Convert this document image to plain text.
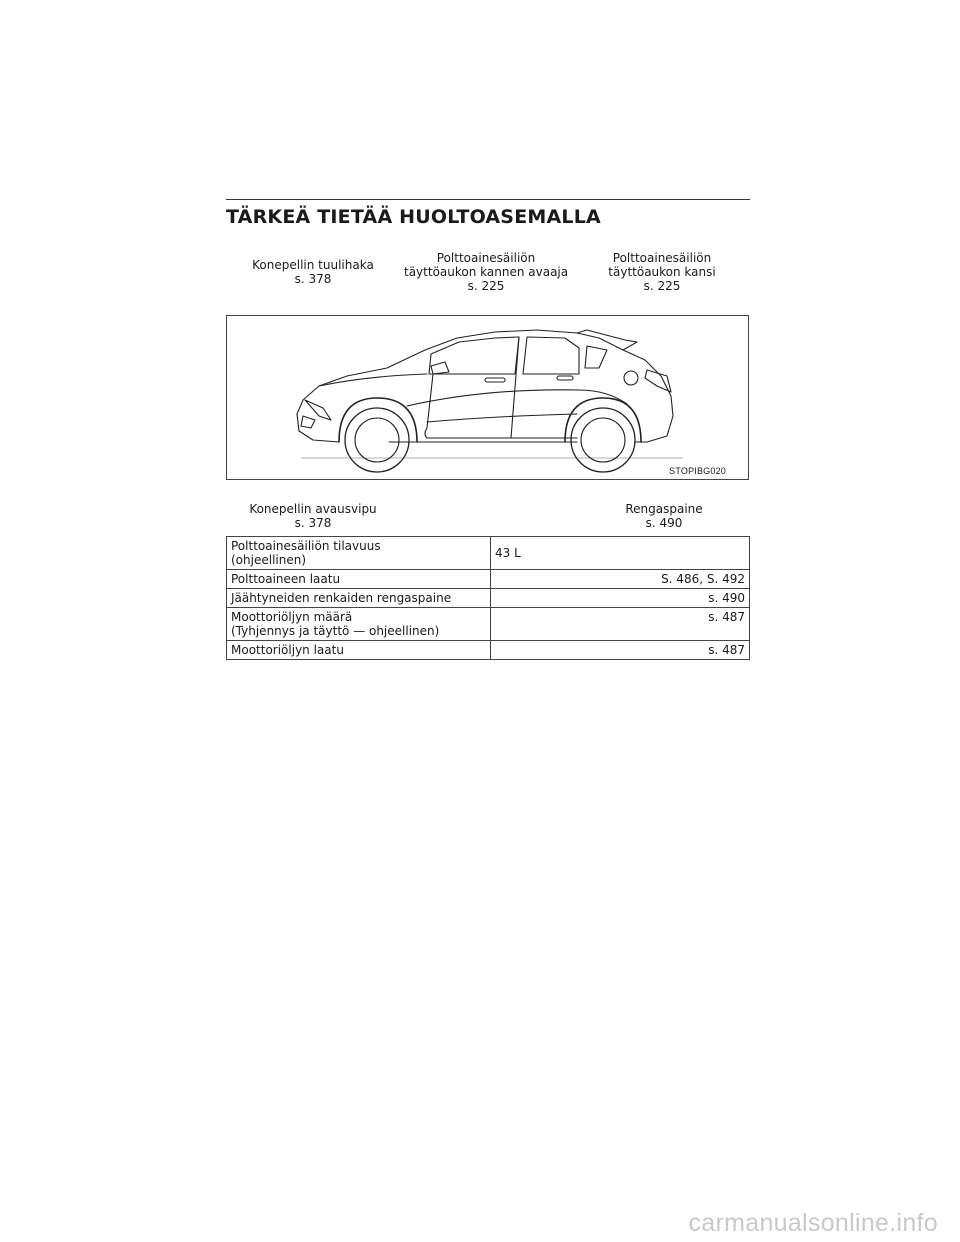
TÄRKEÄ TIETÄÄ HUOLTOASEMALLA
Konepellin tuulihaka
s. 378
Polttoainesäiliön
täyttöaukon kannen avaaja
s. 225
Polttoainesäiliön
täyttöaukon kansi
s. 225
STOPIBG020
Konepellin avausvipu
s. 378
Rengaspaine
s. 490
Polttoainesäiliön tilavuus
(ohjeellinen)	43 L
Polttoaineen laatu	S. 486, S. 492
Jäähtyneiden renkaiden rengaspaine	s. 490

Moottoriöljyn määrä
(Tyhjennys ja täyttö — ohjeellinen)	s. 487
Moottoriöljyn laatu	s. 487
carmanualsonline.info
